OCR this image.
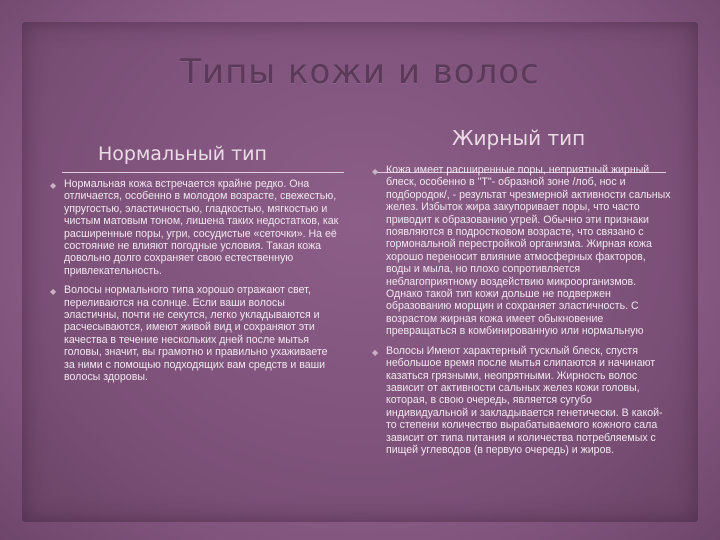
Типы кожи и волос
Нормальный тип
Жирный тип
◆ Нормальная кожа встречается крайне редко. Она отличается, особенно в молодом возрасте, свежестью, упругостью, эластичностью, гладкостью, мягкостью и чистым матовым тоном, лишена таких недостатков, как расширенные поры, угри, сосудистые «сеточки». На её состояние не влияют погодные условия. Такая кожа довольно долго сохраняет свою естественную привлекательность.
◆ Волосы нормального типа хорошо отражают свет, переливаются на солнце. Если ваши волосы эластичны, почти не секутся, легко укладываются и расчесываются, имеют живой вид и сохраняют эти качества в течение нескольких дней после мытья головы, значит, вы грамотно и правильно ухаживаете за ними с помощью подходящих вам средств и ваши волосы здоровы.
◆ Кожа имеет расширенные поры, неприятный жирный блеск, особенно в "Т"- образной зоне /лоб, нос и подбородок/, - результат чрезмерной активности сальных желез. Избыток жира закупоривает поры, что часто приводит к образованию угрей. Обычно эти признаки появляются в подростковом возрасте, что связано с гормональной перестройкой организма. Жирная кожа хорошо переносит влияние атмосферных факторов, воды и мыла, но плохо сопротивляется неблагоприятному воздействию микроорганизмов. Однако такой тип кожи дольше не подвержен образованию морщин и сохраняет эластичность. С возрастом жирная кожа имеет обыкновение превращаться в комбинированную или нормальную
◆ Волосы Имеют характерный тусклый блеск, спустя небольшое время после мытья слипаются и начинают казаться грязными, неопрятными. Жирность волос зависит от активности сальных желез кожи головы, которая, в свою очередь, является сугубо индивидуальной и закладывается генетически. В какой-то степени количество вырабатываемого кожного сала зависит от типа питания и количества потребляемых с пищей углеводов (в первую очередь) и жиров.
